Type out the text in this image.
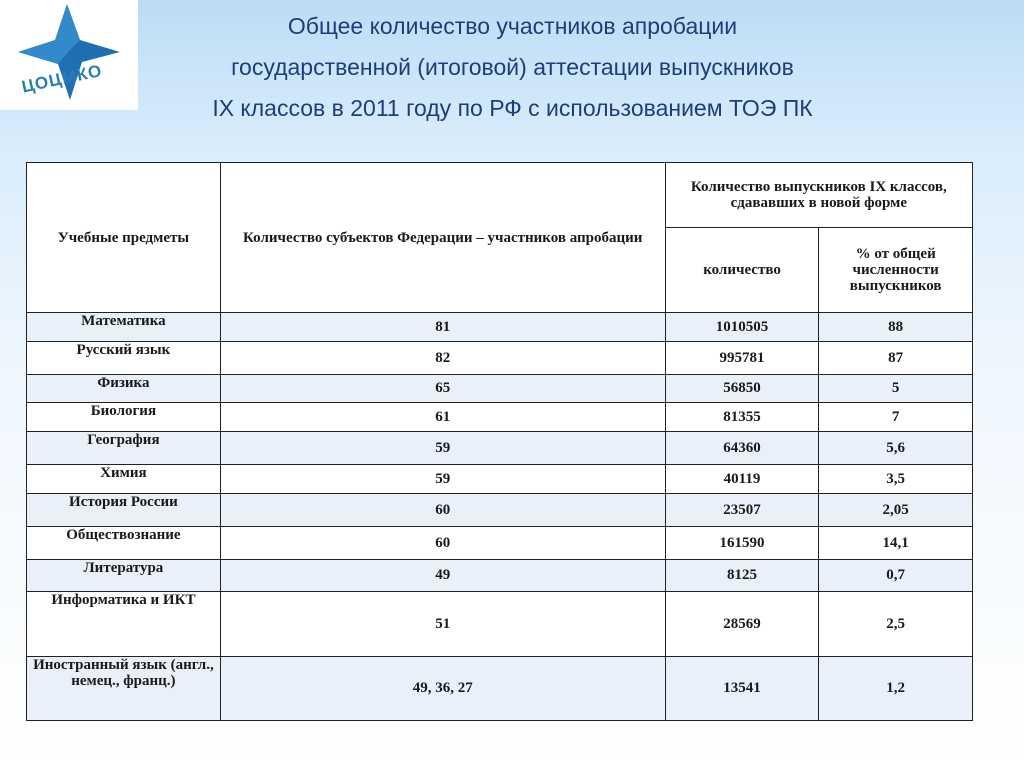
ЦОЦМКО
Общее количество участников апробации
государственной (итоговой) аттестации выпускников
IX классов в 2011 году по РФ с использованием ТОЭ ПК
Учебные предметы	Количество субъектов Федерации – участников апробации	Количество выпускников IX классов, сдававших в новой форме	
		количество	% от общей численности выпускников
Математика	81	1010505	88
Русский язык	82	995781	87
Физика	65	56850	5
Биология	61	81355	7
География	59	64360	5,6
Химия	59	40119	3,5
История России	60	23507	2,05
Обществознание	60	161590	14,1
Литература	49	8125	0,7
Информатика и ИКТ	51	28569	2,5
Иностранный язык (англ., немец., франц.)	49, 36, 27	13541	1,2
